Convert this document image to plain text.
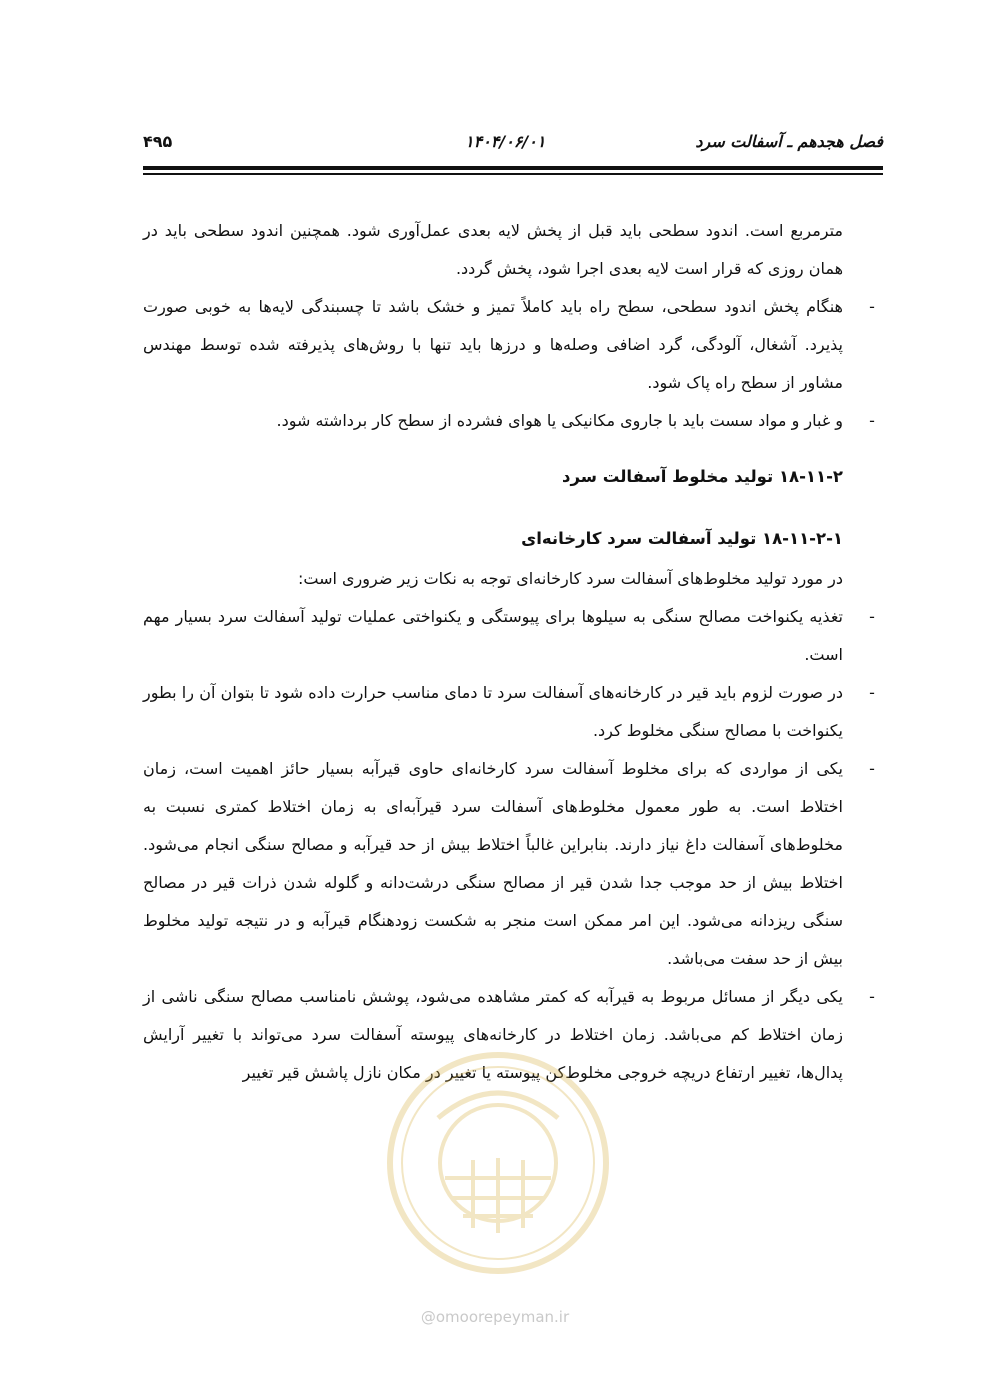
فصل هجدهم ـ آسفالت سرد
۱۴۰۴/۰۶/۰۱
۴۹۵

مترمربع است. اندود سطحی باید قبل از پخش لایه بعدی عمل‌آوری شود. همچنین اندود سطحی باید در همان روزی که قرار است لایه بعدی اجرا شود، پخش گردد.

-

هنگام پخش اندود سطحی، سطح راه باید کاملاً تمیز و خشک باشد تا چسبندگی لایه‌ها به خوبی صورت پذیرد. آشغال، آلودگی، گرد اضافی وصله‌ها و درزها باید تنها با روش‌های پذیرفته شده توسط مهندس مشاور از سطح راه پاک شود.

-

و غبار و مواد سست باید با جاروی مکانیکی یا هوای فشرده از سطح کار برداشته شود.

۱۸-۱۱-۲ تولید مخلوط آسفالت سرد
۱۸-۱۱-۲-۱ تولید آسفالت سرد کارخانه‌ای

در مورد تولید مخلوط‌های آسفالت سرد کارخانه‌ای توجه به نکات زیر ضروری است:

-

تغذیه یکنواخت مصالح سنگی به سیلوها برای پیوستگی و یکنواختی عملیات تولید آسفالت سرد بسیار مهم است.

-

در صورت لزوم باید قیر در کارخانه‌های آسفالت سرد تا دمای مناسب حرارت داده شود تا بتوان آن را بطور یکنواخت با مصالح سنگی مخلوط کرد.

-

یکی از مواردی که برای مخلوط آسفالت سرد کارخانه‌ای حاوی قیرآبه بسیار حائز اهمیت است، زمان اختلاط است. به طور معمول مخلوط‌های آسفالت سرد قیرآبه‌ای به زمان اختلاط کمتری نسبت به مخلوط‌های آسفالت داغ نیاز دارند. بنابراین غالباً اختلاط بیش از حد قیرآبه و مصالح سنگی انجام می‌شود. اختلاط بیش از حد موجب جدا شدن قیر از مصالح سنگی درشت‌دانه و گلوله شدن ذرات قیر در مصالح سنگی ریزدانه می‌شود. این امر ممکن است منجر به شکست زودهنگام قیرآبه و در نتیجه تولید مخلوط بیش از حد سفت می‌باشد.

-

یکی دیگر از مسائل مربوط به قیرآبه که کمتر مشاهده می‌شود، پوشش نامناسب مصالح سنگی ناشی از زمان اختلاط کم می‌باشد. زمان اختلاط در کارخانه‌های پیوسته آسفالت سرد می‌تواند با تغییر آرایش پدال‌ها، تغییر ارتفاع دریچه خروجی مخلوط‌کن پیوسته یا تغییر در مکان نازل پاشش قیر تغییر

@omoorepeyman.ir
